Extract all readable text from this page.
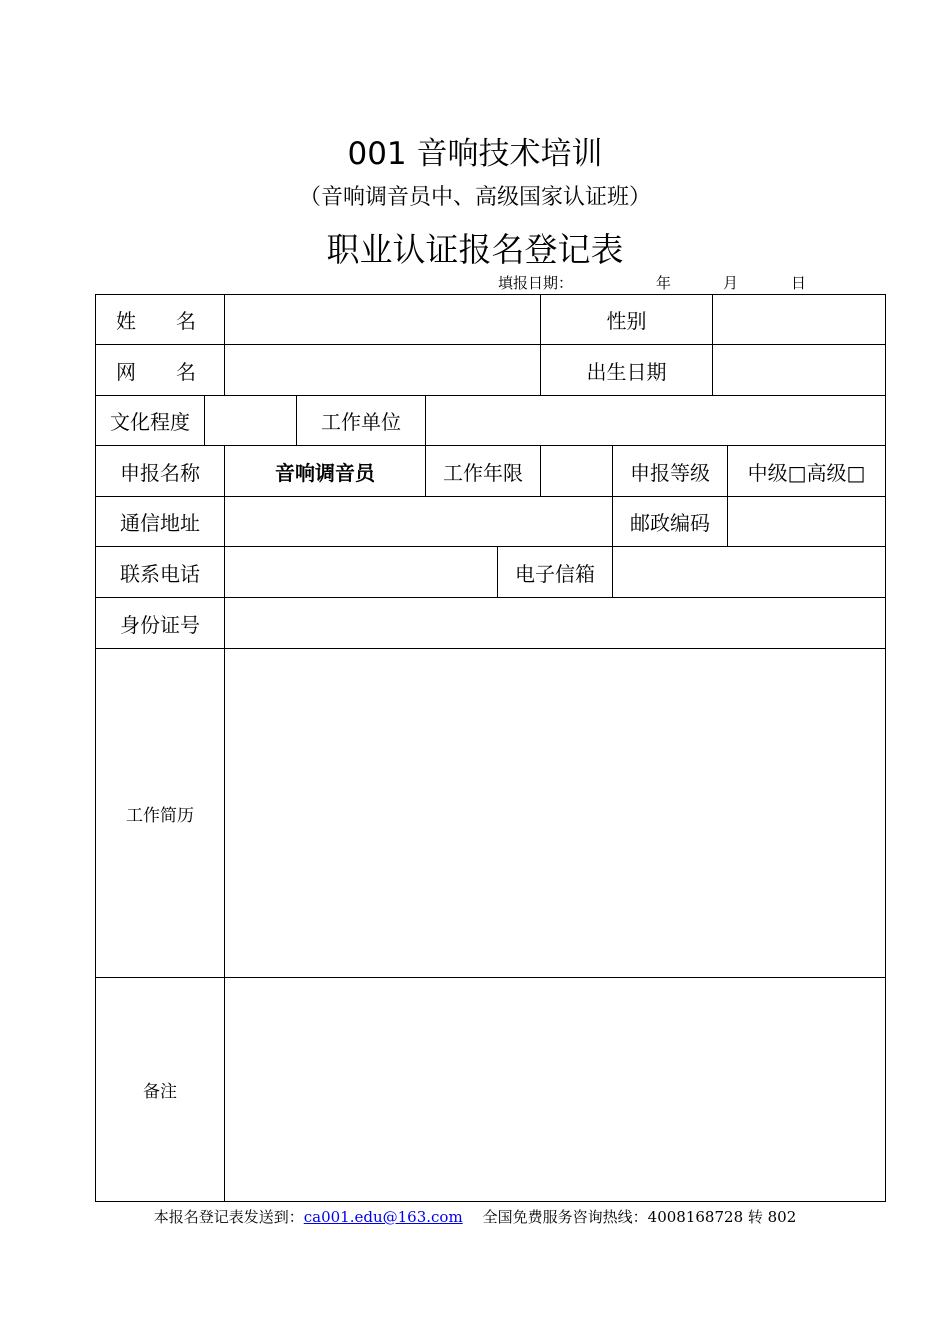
001 音响技术培训
（音响调音员中、高级国家认证班）
职业认证报名登记表
填报日期：	年	月	日
姓　　名	性别
网　　名	出生日期
文化程度	工作单位
申报名称	音响调音员	工作年限	申报等级	中级□高级□
通信地址	邮政编码
联系电话	电子信箱
身份证号
工作简历
备注
本报名登记表发送到：ca001.edu@163.com 全国免费服务咨询热线：4008168728 转 802
